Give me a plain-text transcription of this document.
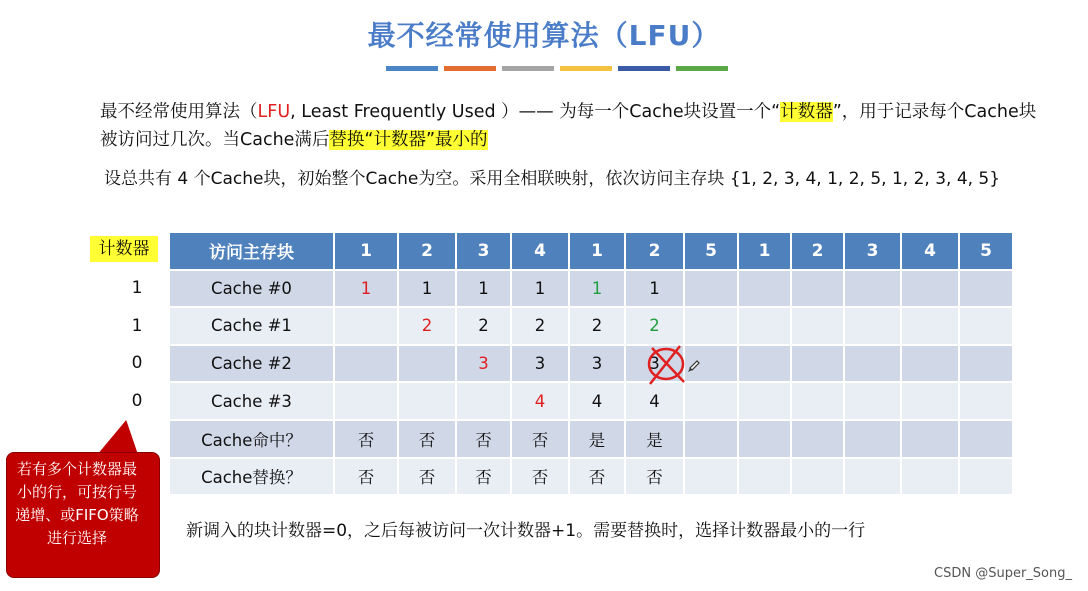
最不经常使用算法（LFU）
最不经常使用算法（LFU, Least Frequently Used ）—— 为每一个Cache块设置一个“计数器”，用于记录每个Cache块被访问过几次。当Cache满后替换“计数器”最小的
设总共有 4 个Cache块，初始整个Cache为空。采用全相联映射，依次访问主存块 {1, 2, 3, 4, 1, 2, 5, 1, 2, 3, 4, 5}
计数器
1
1
0
0
访问主存块	1	2	3	4	1	2	5	1	2	3	4	5
Cache #0	1	1	1	1	1	1						
Cache #1		2	2	2	2	2						
Cache #2			3	3	3	3						
Cache #3				4	4	4						
Cache命中？	否	否	否	否	是	是						
Cache替换？	否	否	否	否	否	否						
若有多个计数器最小的行，可按行号递增、或FIFO策略进行选择	新调入的块计数器=0，之后每被访问一次计数器+1。需要替换时，选择计数器最小的一行
CSDN @Super_Song_
